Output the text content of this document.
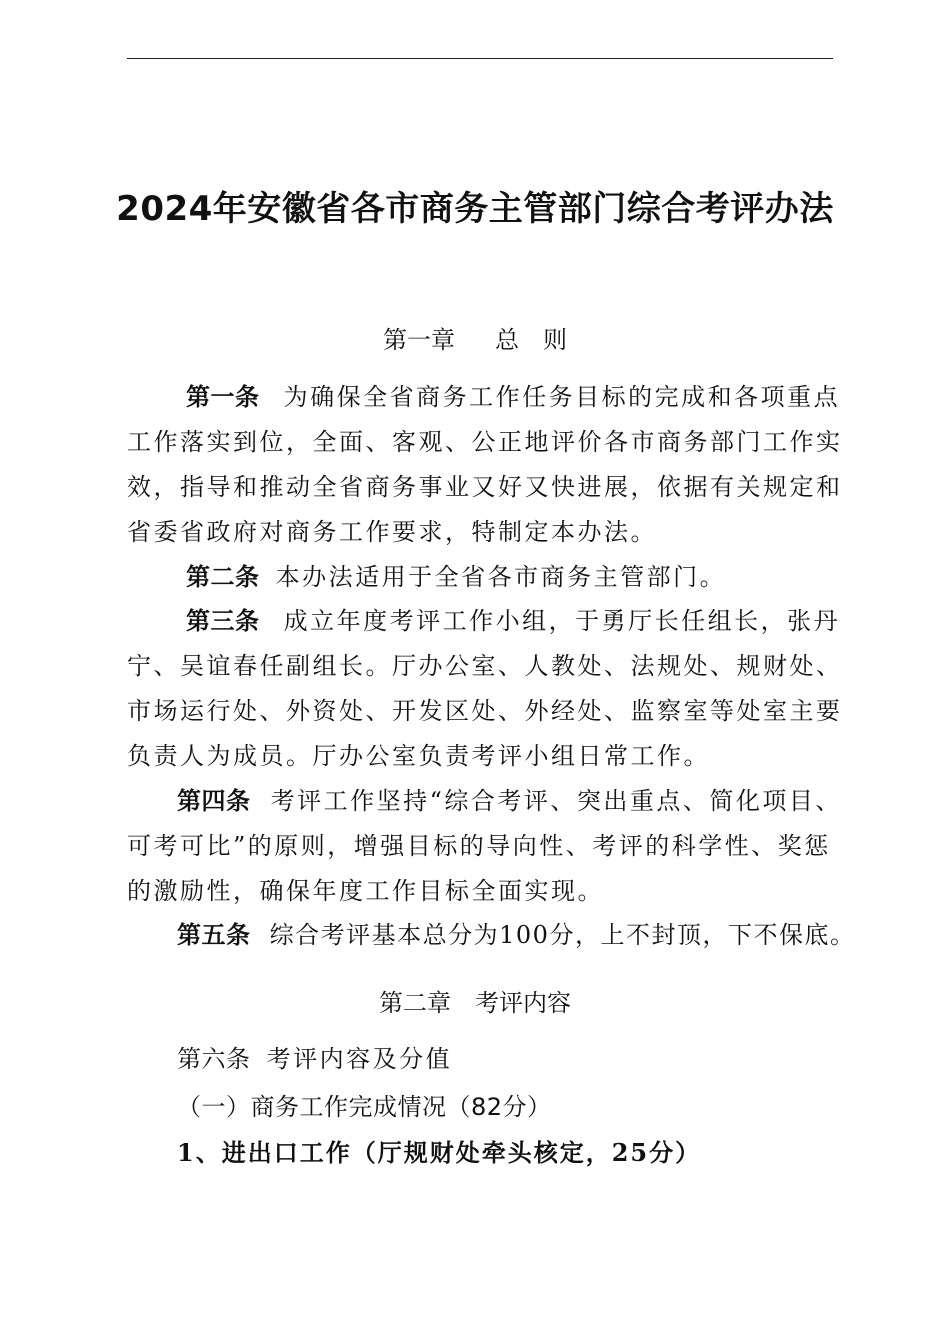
2024年安徽省各市商务主管部门综合考评办法
第一章 总　则
第一条 为确保全省商务工作任务目标的完成和各项重点
工作落实到位，全面、客观、公正地评价各市商务部门工作实
效，指导和推动全省商务事业又好又快进展，依据有关规定和
省委省政府对商务工作要求，特制定本办法。
第二条 本办法适用于全省各市商务主管部门。
第三条 成立年度考评工作小组，于勇厅长任组长，张丹
宁、吴谊春任副组长。厅办公室、人教处、法规处、规财处、
市场运行处、外资处、开发区处、外经处、监察室等处室主要
负责人为成员。厅办公室负责考评小组日常工作。
第四条 考评工作坚持“综合考评、突出重点、简化项目、
可考可比”的原则，增强目标的导向性、考评的科学性、奖惩
的激励性，确保年度工作目标全面实现。
第五条 综合考评基本总分为100分，上不封顶，下不保底。
第二章 考评内容
第六条 考评内容及分值
（一）商务工作完成情况（82分）
1、进出口工作（厅规财处牵头核定，25分）
